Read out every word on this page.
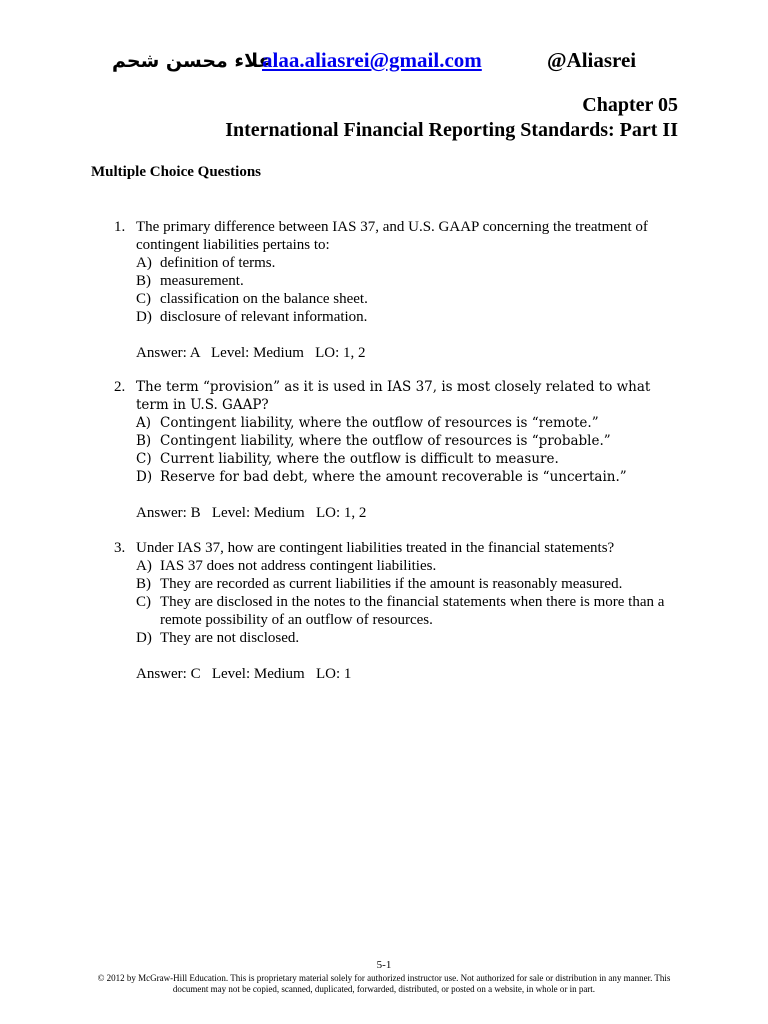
علاء محسن شحم
alaa.aliasrei@gmail.com	@Aliasrei
Chapter 05
International Financial Reporting Standards: Part II
Multiple Choice Questions
1. The primary difference between IAS 37, and U.S. GAAP concerning the treatment of contingent liabilities pertains to:
A) definition of terms.
B) measurement.
C) classification on the balance sheet.
D) disclosure of relevant information.
Answer: A   Level: Medium   LO: 1, 2
2. The term “provision” as it is used in IAS 37, is most closely related to what term in U.S. GAAP?
A) Contingent liability, where the outflow of resources is “remote.”
B) Contingent liability, where the outflow of resources is “probable.”
C) Current liability, where the outflow is difficult to measure.
D) Reserve for bad debt, where the amount recoverable is “uncertain.”
Answer: B   Level: Medium   LO: 1, 2
3. Under IAS 37, how are contingent liabilities treated in the financial statements?
A) IAS 37 does not address contingent liabilities.
B) They are recorded as current liabilities if the amount is reasonably measured.
C) They are disclosed in the notes to the financial statements when there is more than a remote possibility of an outflow of resources.
D) They are not disclosed.
Answer: C   Level: Medium   LO: 1
5-1
© 2012 by McGraw-Hill Education. This is proprietary material solely for authorized instructor use. Not authorized for sale or distribution in any manner. This document may not be copied, scanned, duplicated, forwarded, distributed, or posted on a website, in whole or in part.
